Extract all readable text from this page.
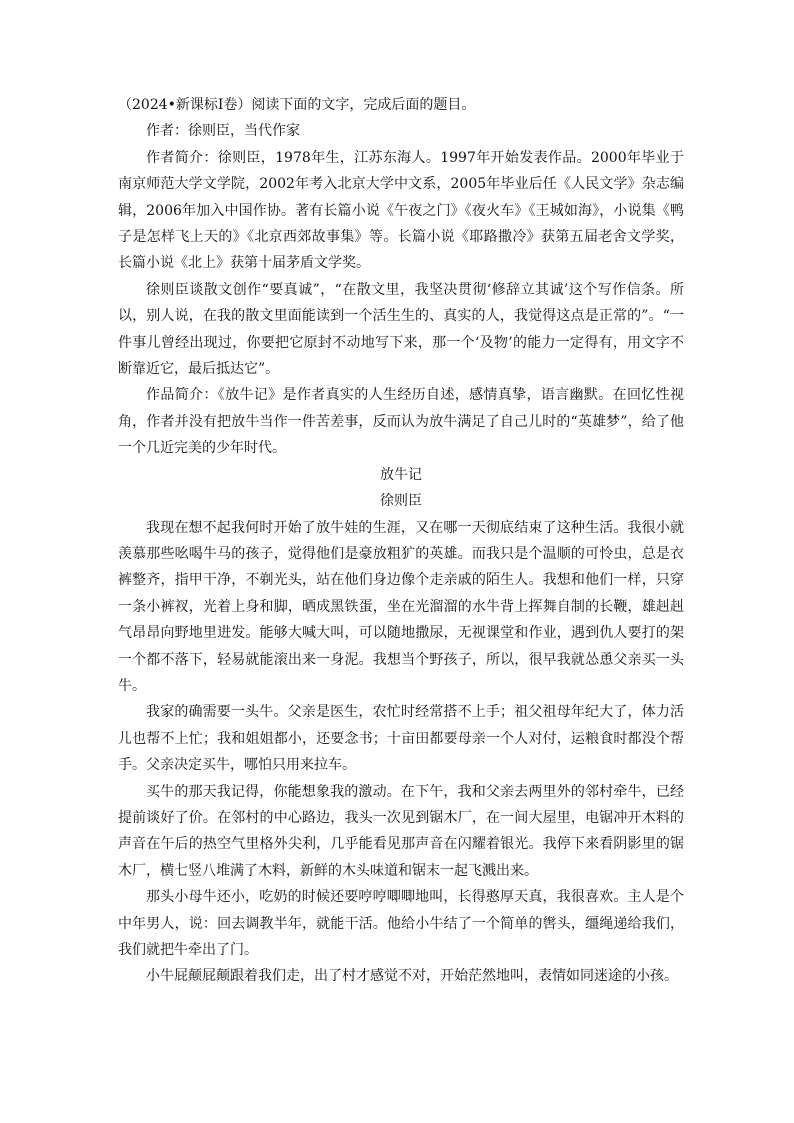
（2024•新课标Ⅰ卷）阅读下面的文字，完成后面的题目。

作者：徐则臣，当代作家

作者简介：徐则臣，1978年生，江苏东海人。1997年开始发表作品。2000年毕业于南京师范大学文学院，2002年考入北京大学中文系，2005年毕业后任《人民文学》杂志编辑，2006年加入中国作协。著有长篇小说《午夜之门》《夜火车》《王城如海》，小说集《鸭子是怎样飞上天的》《北京西郊故事集》等。长篇小说《耶路撒冷》获第五届老舍文学奖，长篇小说《北上》获第十届茅盾文学奖。

徐则臣谈散文创作“要真诚”，“在散文里，我坚决贯彻‘修辞立其诚’这个写作信条。所以，别人说，在我的散文里面能读到一个活生生的、真实的人，我觉得这点是正常的”。“一件事儿曾经出现过，你要把它原封不动地写下来，那一个‘及物’的能力一定得有，用文字不断靠近它，最后抵达它”。

作品简介：《放牛记》是作者真实的人生经历自述，感情真挚，语言幽默。在回忆性视角，作者并没有把放牛当作一件苦差事，反而认为放牛满足了自己儿时的“英雄梦”，给了他一个几近完美的少年时代。

放牛记

徐则臣

我现在想不起我何时开始了放牛娃的生涯，又在哪一天彻底结束了这种生活。我很小就羡慕那些吆喝牛马的孩子，觉得他们是豪放粗犷的英雄。而我只是个温顺的可怜虫，总是衣裤整齐，指甲干净，不剃光头，站在他们身边像个走亲戚的陌生人。我想和他们一样，只穿一条小裤衩，光着上身和脚，晒成黑铁蛋，坐在光溜溜的水牛背上挥舞自制的长鞭，雄赳赳气昂昂向野地里进发。能够大喊大叫，可以随地撒尿，无视课堂和作业，遇到仇人要打的架一个都不落下，轻易就能滚出来一身泥。我想当个野孩子，所以，很早我就怂恿父亲买一头牛。

我家的确需要一头牛。父亲是医生，农忙时经常搭不上手；祖父祖母年纪大了，体力活儿也帮不上忙；我和姐姐都小，还要念书；十亩田都要母亲一个人对付，运粮食时都没个帮手。父亲决定买牛，哪怕只用来拉车。

买牛的那天我记得，你能想象我的激动。在下午，我和父亲去两里外的邻村牵牛，已经提前谈好了价。在邻村的中心路边，我头一次见到锯木厂，在一间大屋里，电锯冲开木料的声音在午后的热空气里格外尖利，几乎能看见那声音在闪耀着银光。我停下来看阴影里的锯木厂，横七竖八堆满了木料，新鲜的木头味道和锯末一起飞溅出来。

那头小母牛还小，吃奶的时候还要哼哼唧唧地叫，长得憨厚天真，我很喜欢。主人是个中年男人，说：回去调教半年，就能干活。他给小牛结了一个简单的辔头，缰绳递给我们，我们就把牛牵出了门。

小牛屁颠屁颠跟着我们走，出了村才感觉不对，开始茫然地叫，表情如同迷途的小孩。
